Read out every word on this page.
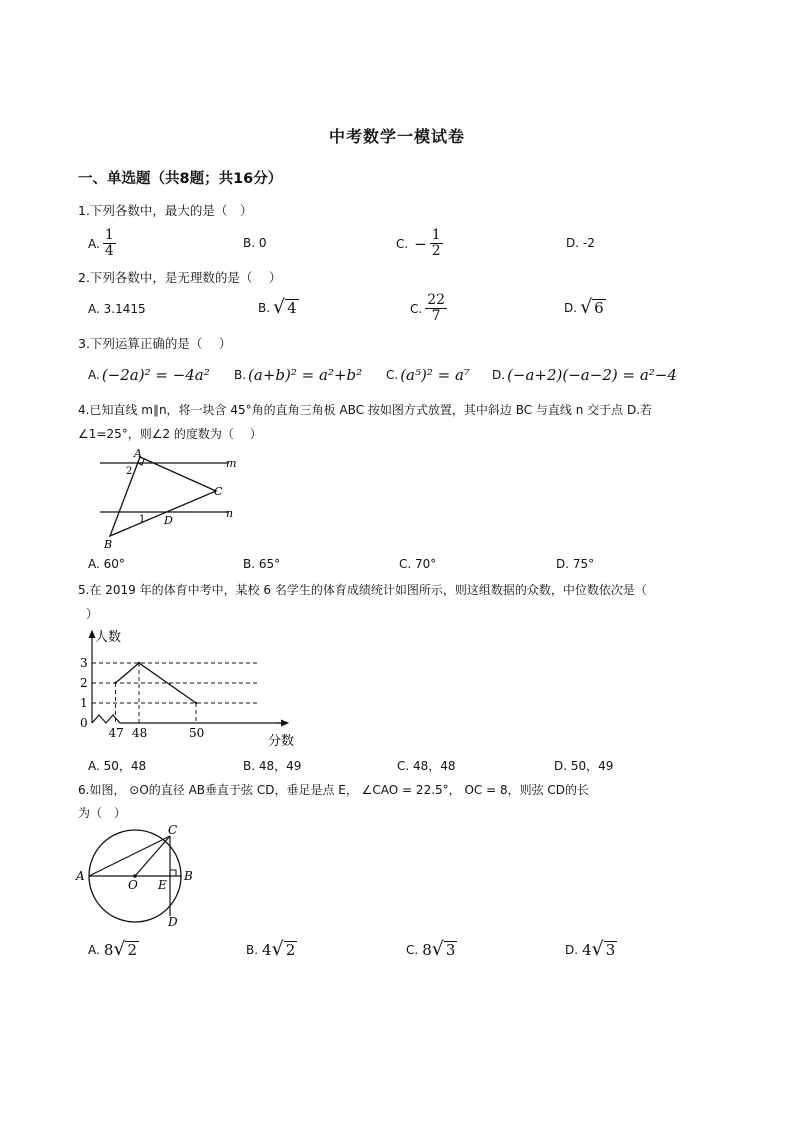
中考数学一模试卷
一、单选题（共8题；共16分）
1.下列各数中，最大的是（　）
A. $\frac{1}{4}$	B. 0	C. − $\frac{1}{2}$	D. -2
2.下列各数中，是无理数的是（　 ）
A. 3.1415	B. √ 4	C. $\frac{22}{7}$	D. √ 6
3.下列运算正确的是（　 ）
A. (−2a)² = −4a² B. (a+b)² = a²+b² C. (a⁵)² = a⁷ D. (−a+2)(−a−2) = a²−4
4.已知直线 m∥n，将一块含 45°角的直角三角板 ABC 按如图方式放置，其中斜边 BC 与直线 n 交于点 D.若
∠1=25°，则∠2 的度数为（　 ）
A
B
C
D
m
n
1
2
A. 60°	B. 65°	C. 70°	D. 75°
5.在 2019 年的体育中考中，某校 6 名学生的体育成绩统计如图所示，则这组数据的众数，中位数依次是（
）
0
1
2
3
47 48	50
人数
分数
A. 50，48	B. 48，49	C. 48，48	D. 50，49
6.如图， ⊙O的直径 AB垂直于弦 CD，垂足是点 E， ∠CAO = 22.5°， OC = 8，则弦 CD的长
为（　）
A	B
C
D
E
O
A. 8 √ 2	B. 4 √ 2	C. 8 √ 3	D. 4 √ 3
